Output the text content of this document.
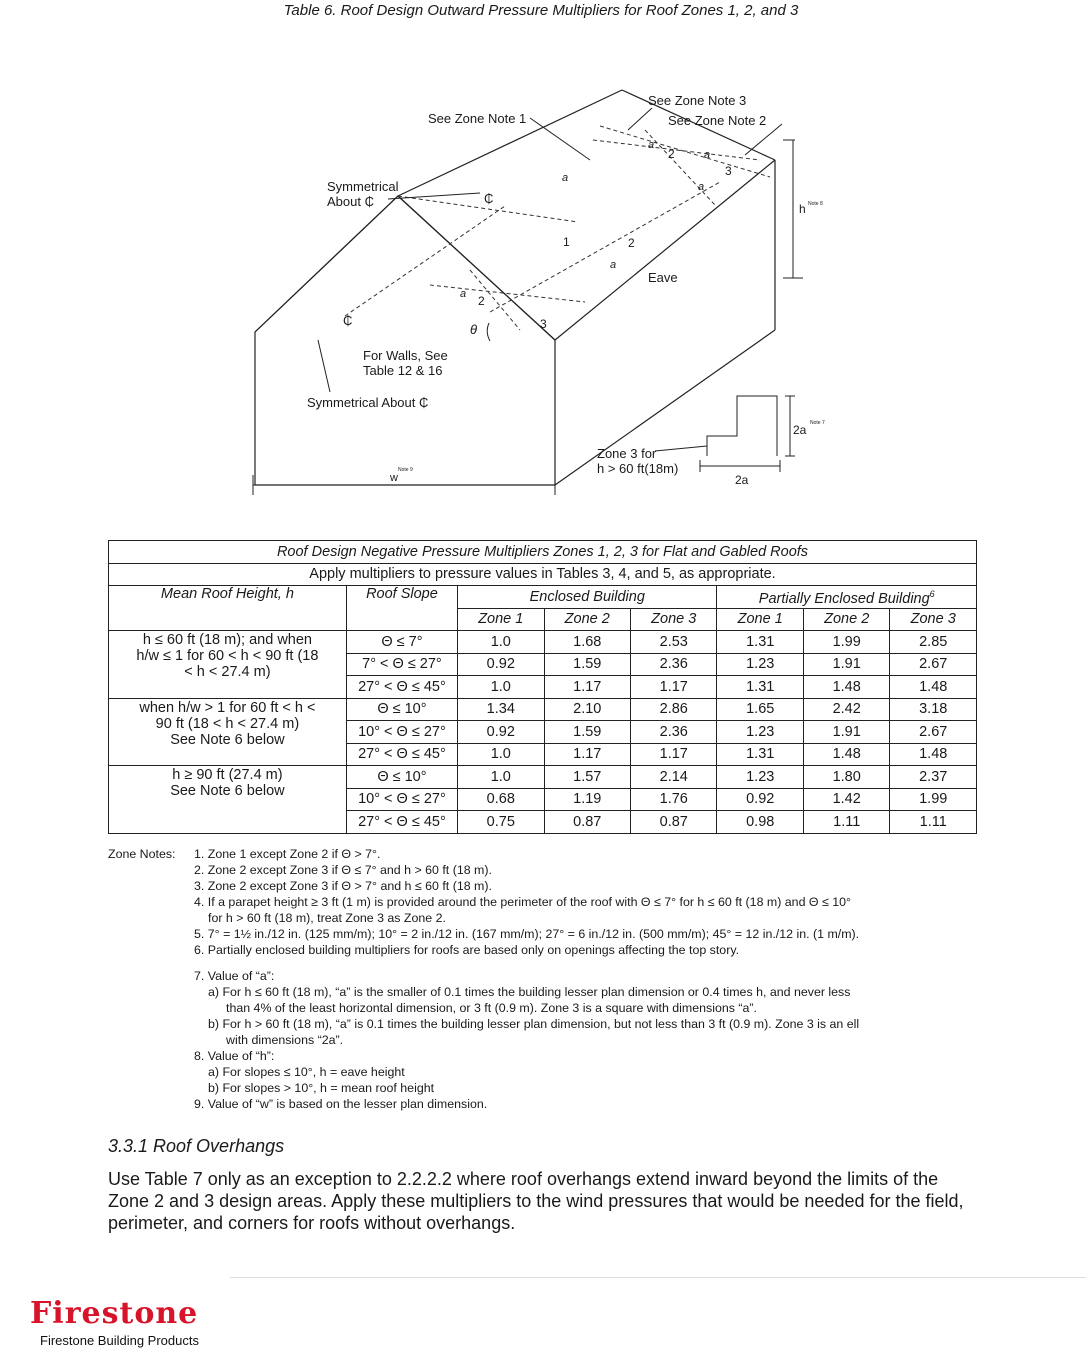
Table 6. Roof Design Outward Pressure Multipliers for Roof Zones 1, 2, and 3
See Zone Note 1
See Zone Note 3
See Zone Note 2
Symmetrical
About ₵
For Walls, See
Table 12 & 16
Symmetrical About ₵
Eave
h Note 8
w
Note 9
θ
Zone 3 for
h > 60 ft(18m)
2a Note 7
2a
a
a
a
a
a
a
1	2
2
2
3
3
₵
₵
Roof Design Negative Pressure Multipliers Zones 1, 2, 3 for Flat and Gabled Roofs							
Apply multipliers to pressure values in Tables 3, 4, and 5, as appropriate.							
Mean Roof Height, h	Roof Slope	Enclosed Building			Partially Enclosed Building$^6$
		Zone 1	Zone 2	Zone 3	Zone 1	Zone 2	Zone 3

h ≤ 60 ft (18 m); and when
h/w ≤ 1 for 60 < h < 90 ft (18
< h < 27.4 m)	Θ ≤ 7°	1.0	1.68	2.53	1.31	1.99	2.85
	7° < Θ ≤ 27°	0.92	1.59	2.36	1.23	1.91	2.67
	27° < Θ ≤ 45°	1.0	1.17	1.17	1.31	1.48	1.48

when h/w > 1 for 60 ft < h <
90 ft (18 < h < 27.4 m)
See Note 6 below	Θ ≤ 10°	1.34	2.10	2.86	1.65	2.42	3.18
	10° < Θ ≤ 27°	0.92	1.59	2.36	1.23	1.91	2.67
	27° < Θ ≤ 45°	1.0	1.17	1.17	1.31	1.48	1.48

h ≥ 90 ft (27.4 m)
See Note 6 below	Θ ≤ 10°	1.0	1.57	2.14	1.23	1.80	2.37
	10° < Θ ≤ 27°	0.68	1.19	1.76	0.92	1.42	1.99
	27° < Θ ≤ 45°	0.75	0.87	0.87	0.98	1.11	1.11
Zone Notes: 1. Zone 1 except Zone 2 if Θ > 7°.
2. Zone 2 except Zone 3 if Θ ≤ 7° and h > 60 ft (18 m).
3. Zone 2 except Zone 3 if Θ > 7° and h ≤ 60 ft (18 m).
4. If a parapet height ≥ 3 ft (1 m) is provided around the perimeter of the roof with Θ ≤ 7° for h ≤ 60 ft (18 m) and Θ ≤ 10°
for h > 60 ft (18 m), treat Zone 3 as Zone 2.
5. 7° = 1½ in./12 in. (125 mm/m); 10° = 2 in./12 in. (167 mm/m); 27° = 6 in./12 in. (500 mm/m); 45° = 12 in./12 in. (1 m/m).
6. Partially enclosed building multipliers for roofs are based only on openings affecting the top story.
7. Value of “a”:
a) For h ≤ 60 ft (18 m), “a” is the smaller of 0.1 times the building lesser plan dimension or 0.4 times h, and never less
than 4% of the least horizontal dimension, or 3 ft (0.9 m). Zone 3 is a square with dimensions “a”.
b) For h > 60 ft (18 m), “a” is 0.1 times the building lesser plan dimension, but not less than 3 ft (0.9 m). Zone 3 is an ell
with dimensions “2a”.
8. Value of “h”:
a) For slopes ≤ 10°, h = eave height
b) For slopes > 10°, h = mean roof height
9. Value of “w” is based on the lesser plan dimension.
3.3.1 Roof Overhangs
Use Table 7 only as an exception to 2.2.2.2 where roof overhangs extend inward beyond the limits of the Zone 2 and 3 design areas. Apply these multipliers to the wind pressures that would be needed for the field, perimeter, and corners for roofs without overhangs.
Firestone
Firestone Building Products
